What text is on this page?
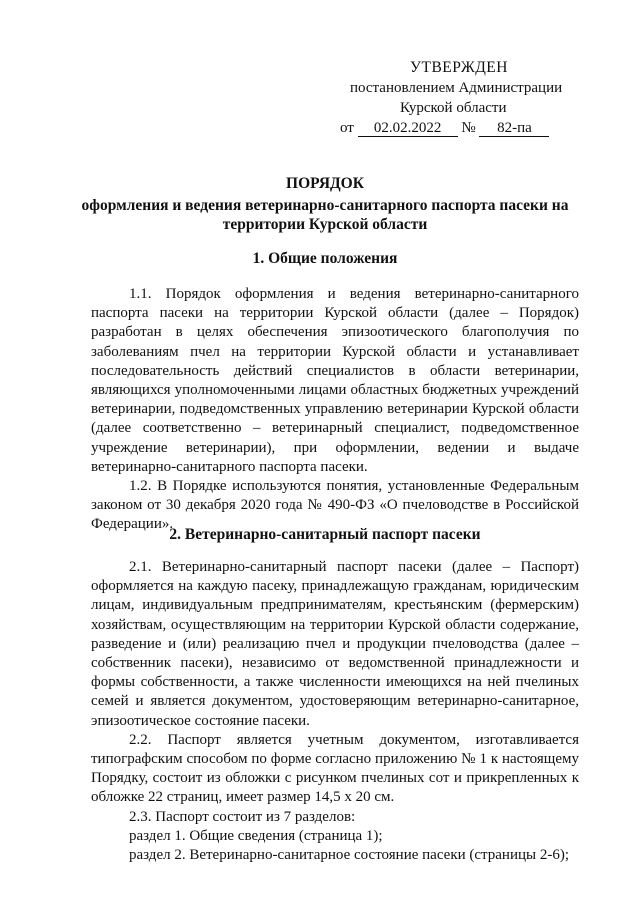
УТВЕРЖДЕН
постановлением Администрации
Курской области
от 02.02.2022 № 82-па
ПОРЯДОК
оформления и ведения ветеринарно-санитарного паспорта пасеки на
территории Курской области
1. Общие положения

1.1. Порядок оформления и ведения ветеринарно-санитарного паспорта пасеки на территории Курской области (далее – Порядок) разработан в целях обеспечения эпизоотического благополучия по заболеваниям пчел на территории Курской области и устанавливает последовательность действий специалистов в области ветеринарии, являющихся уполномоченными лицами областных бюджетных учреждений ветеринарии, подведомственных управлению ветеринарии Курской области (далее соответственно – ветеринарный специалист, подведомственное учреждение ветеринарии), при оформлении, ведении и выдаче ветеринарно-санитарного паспорта пасеки.

1.2. В Порядке используются понятия, установленные Федеральным законом от 30 декабря 2020 года № 490-ФЗ «О пчеловодстве в Российской Федерации».

2. Ветеринарно-санитарный паспорт пасеки

2.1. Ветеринарно-санитарный паспорт пасеки (далее – Паспорт) оформляется на каждую пасеку, принадлежащую гражданам, юридическим лицам, индивидуальным предпринимателям, крестьянским (фермерским) хозяйствам, осуществляющим на территории Курской области содержание, разведение и (или) реализацию пчел и продукции пчеловодства (далее – собственник пасеки), независимо от ведомственной принадлежности и формы собственности, а также численности имеющихся на ней пчелиных семей и является документом, удостоверяющим ветеринарно-санитарное, эпизоотическое состояние пасеки.

2.2. Паспорт является учетным документом, изготавливается типографским способом по форме согласно приложению № 1 к настоящему Порядку, состоит из обложки с рисунком пчелиных сот и прикрепленных к обложке 22 страниц, имеет размер 14,5 х 20 см.

2.3. Паспорт состоит из 7 разделов:

раздел 1. Общие сведения (страница 1);

раздел 2. Ветеринарно-санитарное состояние пасеки (страницы 2-6);
